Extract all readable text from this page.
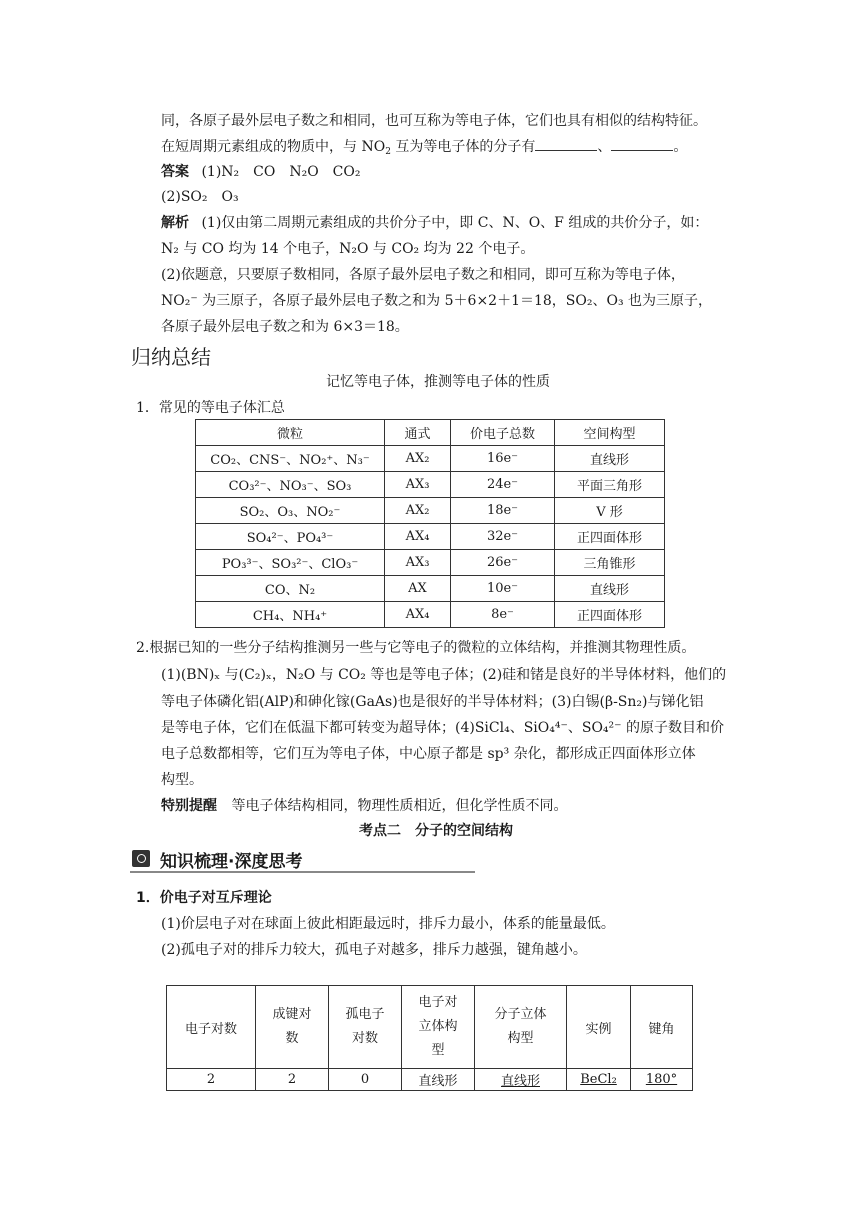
同，各原子最外层电子数之和相同，也可互称为等电子体，它们也具有相似的结构特征。
在短周期元素组成的物质中，与 $NO_2$ 互为等电子体的分子有	、	。
答案 (1)N₂　CO　N₂O　CO₂
(2)SO₂　O₃
解析 (1)仅由第二周期元素组成的共价分子中，即 C、N、O、F 组成的共价分子，如：
N₂ 与 CO 均为 14 个电子，N₂O 与 CO₂ 均为 22 个电子。
(2)依题意，只要原子数相同，各原子最外层电子数之和相同，即可互称为等电子体，
NO₂⁻ 为三原子，各原子最外层电子数之和为 5＋6×2＋1＝18，SO₂、O₃ 也为三原子，
各原子最外层电子数之和为 6×3＝18。
归纳总结
记忆等电子体，推测等电子体的性质
1．常见的等电子体汇总
微粒	通式	价电子总数	空间构型
CO₂、CNS⁻、NO₂⁺、N₃⁻	AX₂	16e⁻	直线形
CO₃²⁻、NO₃⁻、SO₃	AX₃	24e⁻	平面三角形
SO₂、O₃、NO₂⁻	AX₂	18e⁻	V 形
SO₄²⁻、PO₄³⁻	AX₄	32e⁻	正四面体形
PO₃³⁻、SO₃²⁻、ClO₃⁻	AX₃	26e⁻	三角锥形
CO、N₂	AX	10e⁻	直线形
CH₄、NH₄⁺	AX₄	8e⁻	正四面体形
2.根据已知的一些分子结构推测另一些与它等电子的微粒的立体结构，并推测其物理性质。
(1)(BN)ₓ 与(C₂)ₓ，N₂O 与 CO₂ 等也是等电子体；(2)硅和锗是良好的半导体材料，他们的
等电子体磷化铝(AlP)和砷化镓(GaAs)也是很好的半导体材料；(3)白锡(β-Sn₂)与锑化铝
是等电子体，它们在低温下都可转变为超导体；(4)SiCl₄、SiO₄⁴⁻、SO₄²⁻ 的原子数目和价
电子总数都相等，它们互为等电子体，中心原子都是 sp³ 杂化，都形成正四面体形立体
构型。
特别提醒 等电子体结构相同，物理性质相近，但化学性质不同。
考点二　分子的空间结构
知识梳理·深度思考
1．价电子对互斥理论
(1)价层电子对在球面上彼此相距最远时，排斥力最小，体系的能量最低。
(2)孤电子对的排斥力较大，孤电子对越多，排斥力越强，键角越小。
电子对数	成键对数	孤电子对数	电子对立体构型	分子立体构型	实例	键角
2	2	0	直线形	直线形	BeCl₂	180°
